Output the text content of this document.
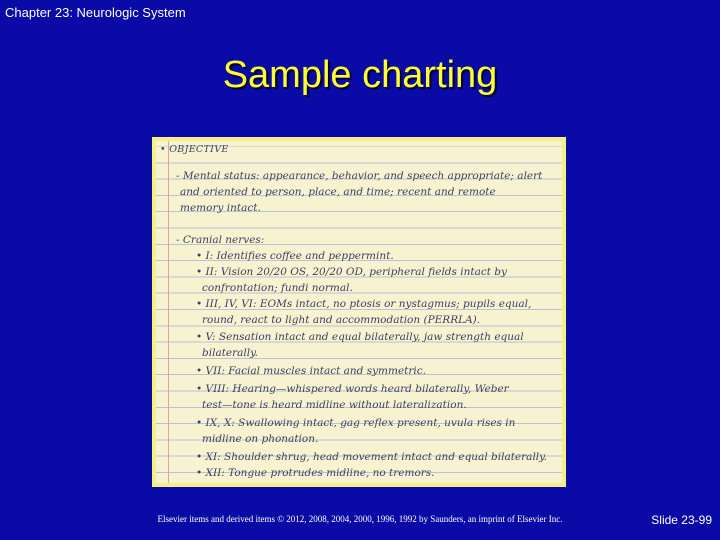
Chapter 23: Neurologic System
Sample charting
• OBJECTIVE
- Mental status: appearance, behavior, and speech appropriate; alert
and oriented to person, place, and time; recent and remote
memory intact.
- Cranial nerves:
• I: Identifies coffee and peppermint.
• II: Vision 20/20 OS, 20/20 OD, peripheral fields intact by
confrontation; fundi normal.
• III, IV, VI: EOMs intact, no ptosis or nystagmus; pupils equal,
round, react to light and accommodation (PERRLA).
• V: Sensation intact and equal bilaterally, jaw strength equal
bilaterally.
• VII: Facial muscles intact and symmetric.
• VIII: Hearing—whispered words heard bilaterally, Weber
test—tone is heard midline without lateralization.
• IX, X: Swallowing intact, gag reflex present, uvula rises in
midline on phonation.
• XI: Shoulder shrug, head movement intact and equal bilaterally.
• XII: Tongue protrudes midline, no tremors.
Elsevier items and derived items © 2012, 2008, 2004, 2000, 1996, 1992 by Saunders, an imprint of Elsevier Inc.	Slide 23-99
